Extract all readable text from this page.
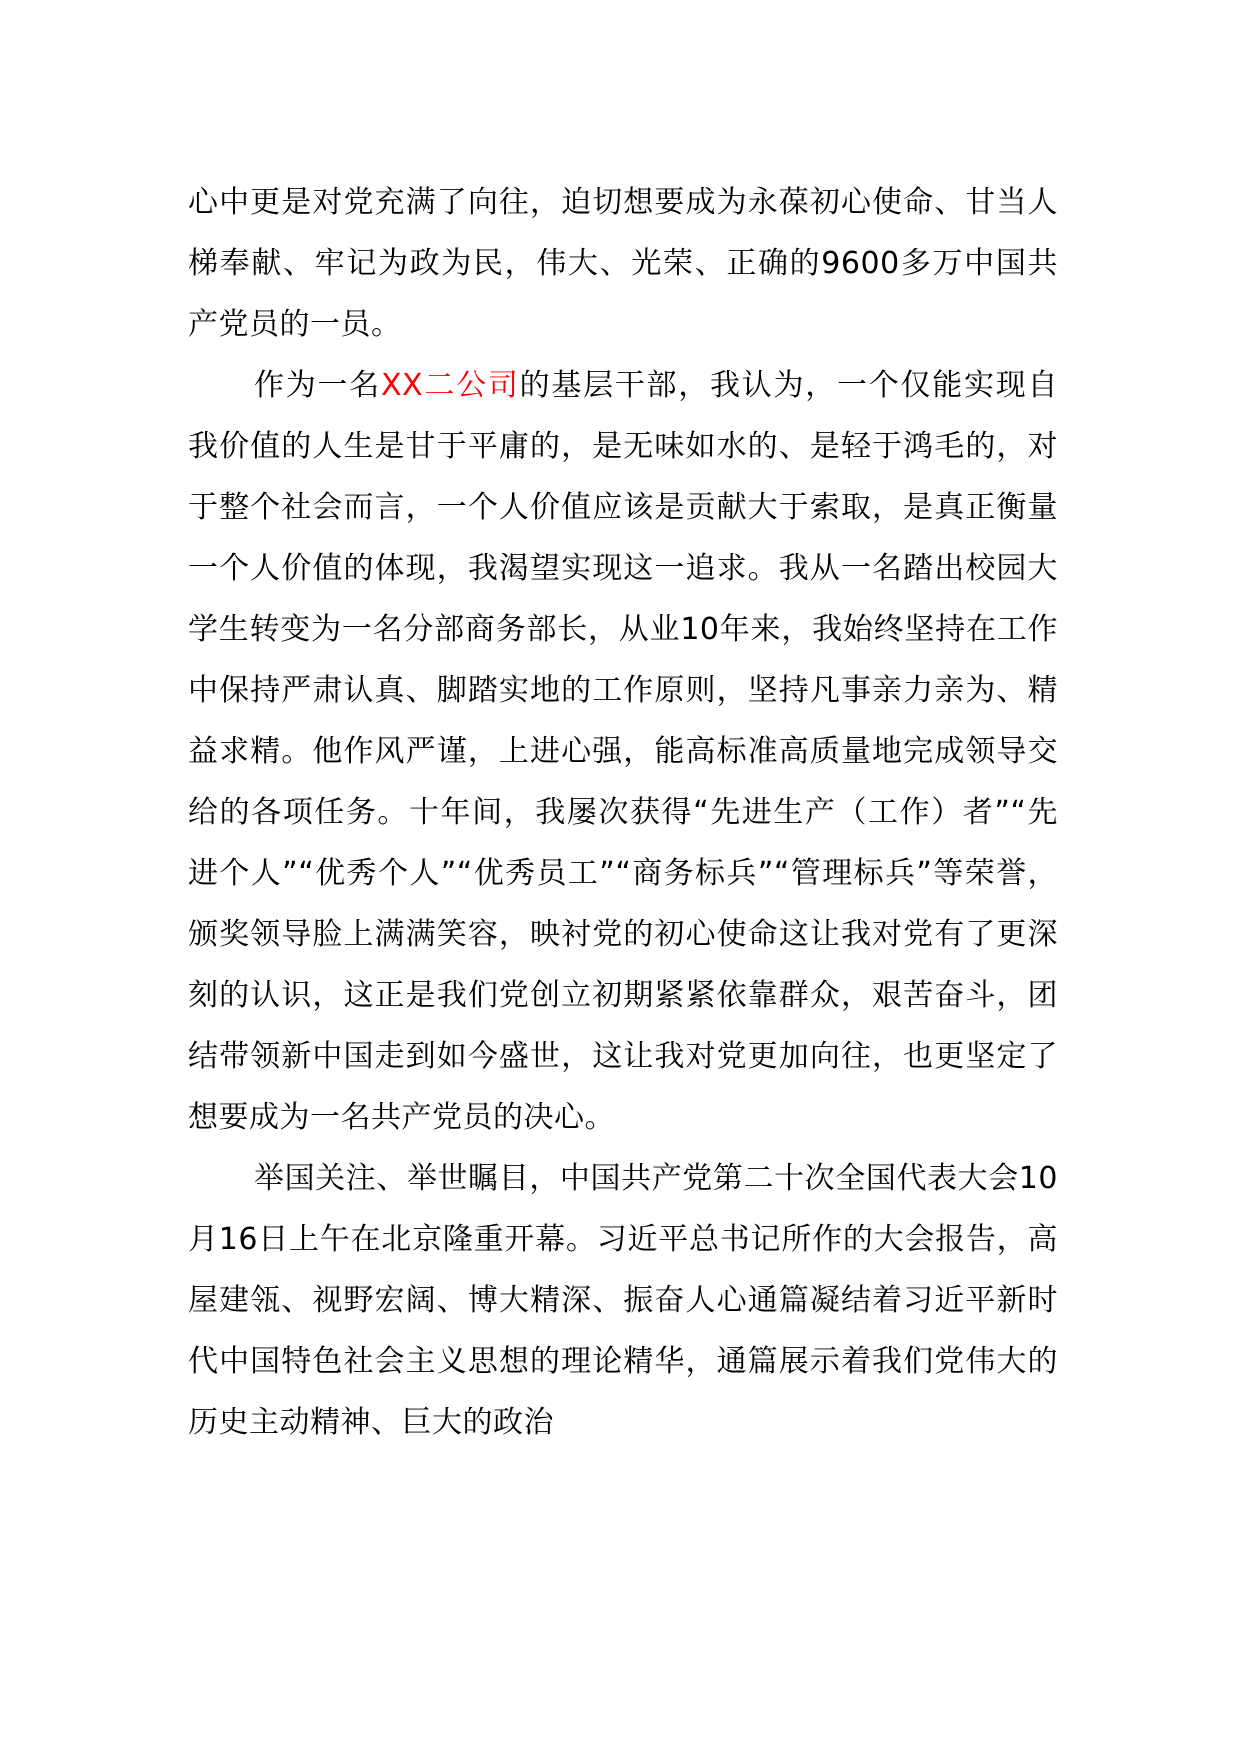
心中更是对党充满了向往，迫切想要成为永葆初心使命、甘当人梯奉献、牢记为政为民，伟大、光荣、正确的9600多万中国共产党员的一员。

作为一名XX二公司的基层干部，我认为，一个仅能实现自我价值的人生是甘于平庸的，是无味如水的、是轻于鸿毛的，对于整个社会而言，一个人价值应该是贡献大于索取，是真正衡量一个人价值的体现，我渴望实现这一追求。我从一名踏出校园大学生转变为一名分部商务部长，从业10年来，我始终坚持在工作中保持严肃认真、脚踏实地的工作原则，坚持凡事亲力亲为、精益求精。他作风严谨，上进心强，能高标准高质量地完成领导交给的各项任务。十年间，我屡次获得“先进生产（工作）者”“先进个人”“优秀个人”“优秀员工”“商务标兵”“管理标兵”等荣誉，颁奖领导脸上满满笑容，映衬党的初心使命这让我对党有了更深刻的认识，这正是我们党创立初期紧紧依靠群众，艰苦奋斗，团结带领新中国走到如今盛世，这让我对党更加向往，也更坚定了想要成为一名共产党员的决心。

举国关注、举世瞩目，中国共产党第二十次全国代表大会10月16日上午在北京隆重开幕。习近平总书记所作的大会报告，高屋建瓴、视野宏阔、博大精深、振奋人心通篇凝结着习近平新时代中国特色社会主义思想的理论精华，通篇展示着我们党伟大的历史主动精神、巨大的政治
